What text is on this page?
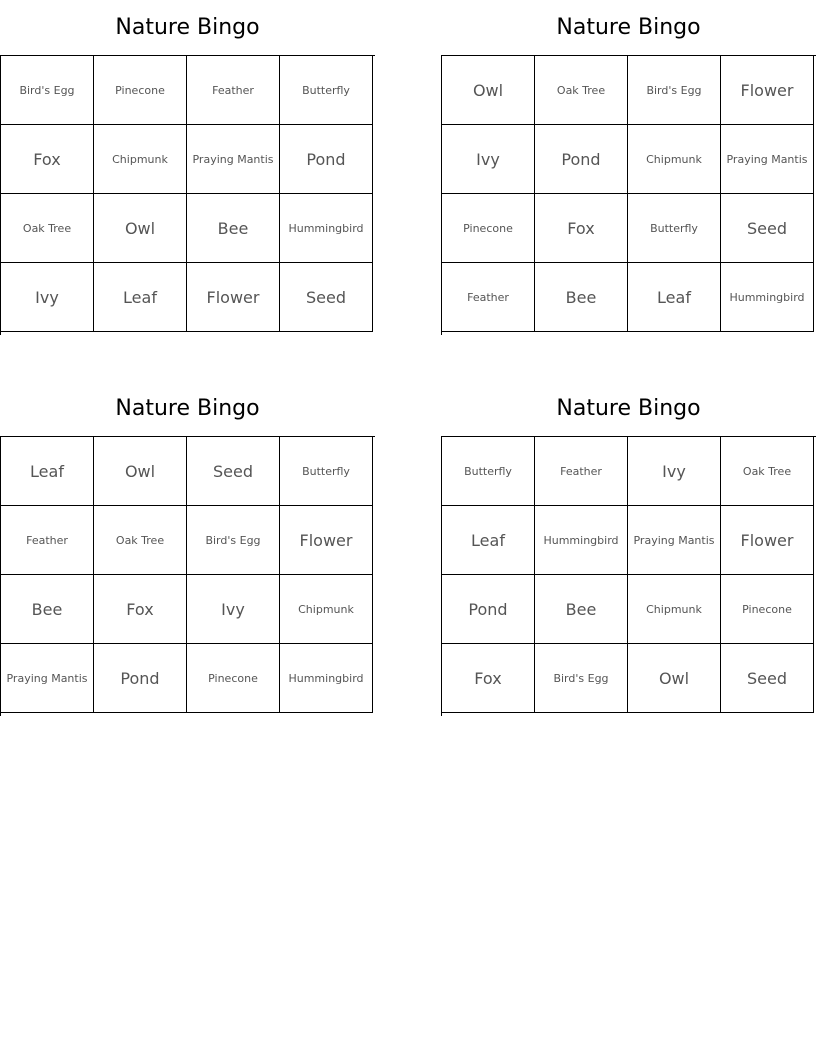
Nature Bingo
Bird's Egg	Pinecone	Feather	Butterfly
Fox	Chipmunk	Praying Mantis	Pond
Oak Tree	Owl	Bee	Hummingbird
Ivy	Leaf	Flower	Seed
Nature Bingo
Owl	Oak Tree	Bird's Egg	Flower
Ivy	Pond	Chipmunk	Praying Mantis
Pinecone	Fox	Butterfly	Seed
Feather	Bee	Leaf	Hummingbird
Nature Bingo
Leaf	Owl	Seed	Butterfly
Feather	Oak Tree	Bird's Egg	Flower
Bee	Fox	Ivy	Chipmunk
Praying Mantis	Pond	Pinecone	Hummingbird
Nature Bingo
Butterfly	Feather	Ivy	Oak Tree
Leaf	Hummingbird	Praying Mantis	Flower
Pond	Bee	Chipmunk	Pinecone
Fox	Bird's Egg	Owl	Seed
